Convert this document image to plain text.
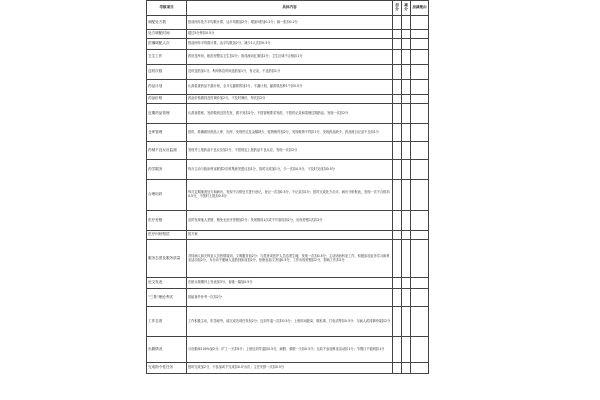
考核项目	具体内容	加分	减分	加减理由
调配处方数	按前两年处方平均数计算，达平均数加2分；增加5张加0.2分；减一张扣0.2分			
处方调配时间	超过5分钟扣0.5分			
医嘱调配人次	按前两年平均数计算，达平均数加2分，减少1人次扣0.5分			
卫生工作	药房及库房，帐药房整洁卫生加2分；取得流动红旗加2分；卫生区域不合格扣1分			
送药次数	及时送药加1分，利用休息时间送药加1分，有记录，不送药扣1分			
药品计划	认真检查药品不漏计划，全月无漏领的加2分，不漏计划，漏请领品种1个扣0.5分			
药品价格	药品价格做到及时调价加2分，不及时调价，每次扣2分			
近期药品管理	认真查看账，发药做到近效先发，做不到扣2分，不按管理要求发药，不按时记录和清理过期药品，发现一次扣2分			
仓库管理	按时，准确做好药品入库、出库，发现货位及金额缺少，帐物相符加2分，发现帐物不符扣1分，发现药品缺少，药品账目记录不全扣1分			
药械不良反应监测	发现并上报药品不良反应加2分，不按规定上报药品不良反应，发现一次扣2分			
药学服务	每月主动与临床科室联系2次收集意见建议加1分，指时完成加1分，少一次扣0.5分，不及时完成扣0.5分			
合理用药	每月定期抽查处方和病历，发现不合格处方进行登记，登记一次加0.5分，不记录扣1分；按时完成处方点评，病历分析报表，发现一次不合格扣0.5分，不按时上报扣0.5分			
医疗差错	及时发现他人差错，避免无医疗差错加2分；发现错误1次或不写原因扣2分，出现差错1次扣2分			
医疗纠纷赔偿	按方案			
服务态度及服务质量	对待病人和关科室人员热情周到，文明服务加2分；与患者或医护人员态度生硬，发现一次扣0.5分；主动协助科室工作，积极参加业务学习和科室活动加2分，为行动不便病人送药到床前加2分，拒绝参加义务加0.5分，工作出现差错扣2分，影响工作扣2分			
论文发表	在统计源期刊上发表加3分，省级一篇加0.5分			
"三基"理论考试	按能查外补考一次扣2分			
工作态度	工作积极主动，吃苦耐劳，能完成各项任务加2分；迟到早退一次扣0.5分；上班时间脱岗，做私事、打电话等扣0.5分；与病人或同事吵架扣2分			
出勤情况	月出勤率100%加2分；旷工一天扣5分；上班迟到早退扣0.5分，病假、事假一天扣0.5分；无故不参加科室活动扣1分；节假日不值班扣1分			
完成指令性任务	按时完成加2分，不参加或不完成扣0.5分/次；主任安排一次扣0.5分			
